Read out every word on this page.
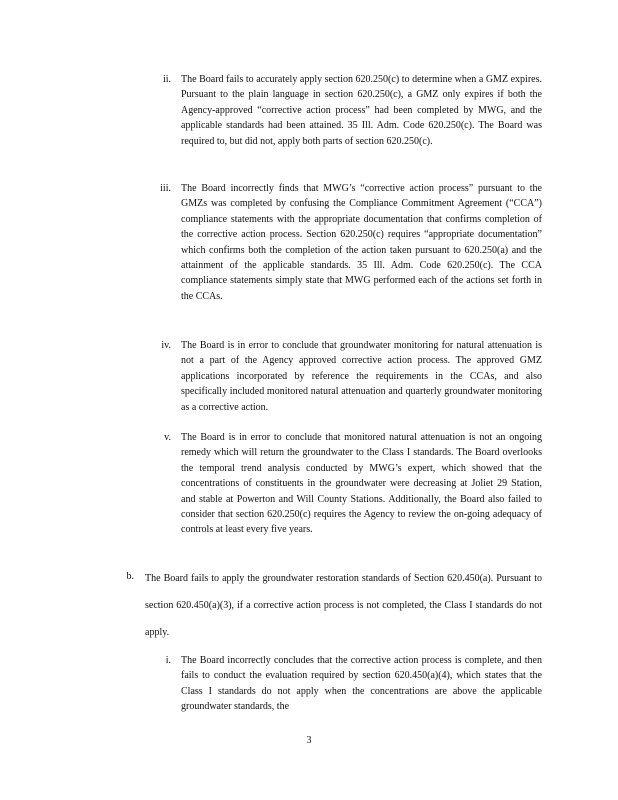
ii. The Board fails to accurately apply section 620.250(c) to determine when a GMZ expires. Pursuant to the plain language in section 620.250(c), a GMZ only expires if both the Agency-approved “corrective action process” had been completed by MWG, and the applicable standards had been attained. 35 Ill. Adm. Code 620.250(c). The Board was required to, but did not, apply both parts of section 620.250(c).

iii. The Board incorrectly finds that MWG’s “corrective action process” pursuant to the GMZs was completed by confusing the Compliance Commitment Agreement (“CCA”) compliance statements with the appropriate documentation that confirms completion of the corrective action process. Section 620.250(c) requires “appropriate documentation” which confirms both the completion of the action taken pursuant to 620.250(a) and the attainment of the applicable standards. 35 Ill. Adm. Code 620.250(c). The CCA compliance statements simply state that MWG performed each of the actions set forth in the CCAs.

iv. The Board is in error to conclude that groundwater monitoring for natural attenuation is not a part of the Agency approved corrective action process. The approved GMZ applications incorporated by reference the requirements in the CCAs, and also specifically included monitored natural attenuation and quarterly groundwater monitoring as a corrective action.

v. The Board is in error to conclude that monitored natural attenuation is not an ongoing remedy which will return the groundwater to the Class I standards. The Board overlooks the temporal trend analysis conducted by MWG’s expert, which showed that the concentrations of constituents in the groundwater were decreasing at Joliet 29 Station, and stable at Powerton and Will County Stations. Additionally, the Board also failed to consider that section 620.250(c) requires the Agency to review the on-going adequacy of controls at least every five years.

b. The Board fails to apply the groundwater restoration standards of Section 620.450(a). Pursuant to section 620.450(a)(3), if a corrective action process is not completed, the Class I standards do not apply.

i. The Board incorrectly concludes that the corrective action process is complete, and then fails to conduct the evaluation required by section 620.450(a)(4), which states that the Class I standards do not apply when the concentrations are above the applicable groundwater standards, the

3
